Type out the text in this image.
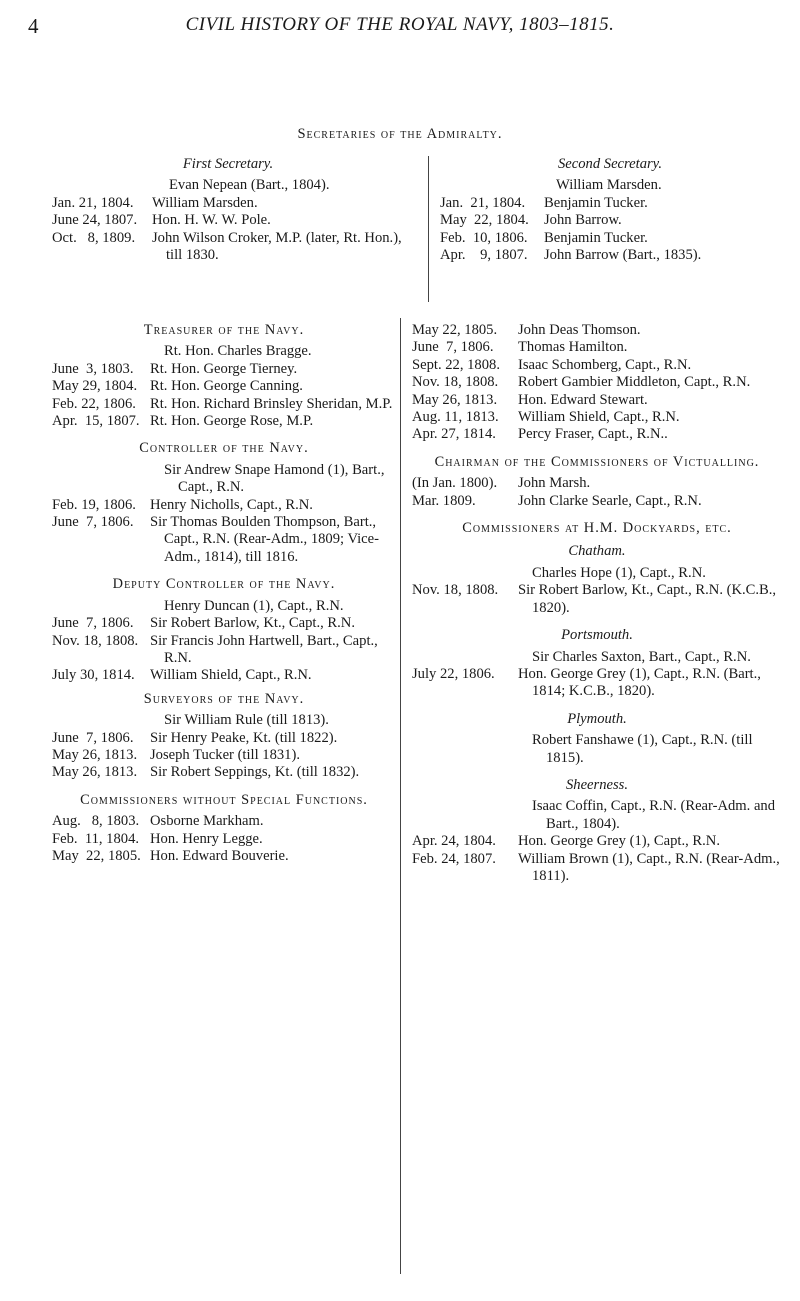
4	CIVIL HISTORY OF THE ROYAL NAVY, 1803–1815.
Secretaries of the Admiralty.
First Secretary.
Evan Nepean (Bart., 1804).
Jan. 21, 1804.	William Marsden.
June 24, 1807.	Hon. H. W. W. Pole.
Oct.   8, 1809.	John Wilson Croker, M.P. (later, Rt. Hon.), till 1830.
Second Secretary.
William Marsden.
Jan.  21, 1804.	Benjamin Tucker.
May  22, 1804.	John Barrow.
Feb.  10, 1806.	Benjamin Tucker.
Apr.    9, 1807.	John Barrow (Bart., 1835).
Treasurer of the Navy.
Rt. Hon. Charles Bragge.
June  3, 1803.	Rt. Hon. George Tierney.
May 29, 1804. Rt. Hon. George Canning.
Feb. 22, 1806. Rt. Hon. Richard Brinsley Sheridan, M.P.
Apr.  15, 1807. Rt. Hon. George Rose, M.P.
Controller of the Navy.
Sir Andrew Snape Hamond (1), Bart., Capt., R.N.
Feb. 19, 1806. Henry Nicholls, Capt., R.N.
June  7, 1806.	Sir Thomas Boulden Thompson, Bart., Capt., R.N. (Rear-Adm., 1809; Vice-Adm., 1814), till 1816.
Deputy Controller of the Navy.
Henry Duncan (1), Capt., R.N.
June  7, 1806.	Sir Robert Barlow, Kt., Capt., R.N.
Nov. 18, 1808. Sir Francis John Hartwell, Bart., Capt., R.N.
July 30, 1814.	William Shield, Capt., R.N.
Surveyors of the Navy.
Sir William Rule (till 1813).
June  7, 1806.	Sir Henry Peake, Kt. (till 1822).
May 26, 1813. Joseph Tucker (till 1831).
May 26, 1813. Sir Robert Seppings, Kt. (till 1832).
Commissioners without Special Functions.
Aug.   8, 1803. Osborne Markham.
Feb.  11, 1804. Hon. Henry Legge.
May  22, 1805. Hon. Edward Bouverie.
May 22, 1805.	John Deas Thomson.
June  7, 1806.	Thomas Hamilton.
Sept. 22, 1808.	Isaac Schomberg, Capt., R.N.
Nov. 18, 1808.	Robert Gambier Middleton, Capt., R.N.
May 26, 1813.	Hon. Edward Stewart.
Aug. 11, 1813.	William Shield, Capt., R.N.
Apr. 27, 1814.	Percy Fraser, Capt., R.N..
Chairman of the Commissioners of Victualling.
(In Jan. 1800).	John Marsh.
Mar. 1809.	John Clarke Searle, Capt., R.N.
Commissioners at H.M. Dockyards, etc.
Chatham.
Charles Hope (1), Capt., R.N.
Nov. 18, 1808.	Sir Robert Barlow, Kt., Capt., R.N. (K.C.B., 1820).
Portsmouth.
Sir Charles Saxton, Bart., Capt., R.N.
July 22, 1806.	Hon. George Grey (1), Capt., R.N. (Bart., 1814; K.C.B., 1820).
Plymouth.
Robert Fanshawe (1), Capt., R.N. (till 1815).
Sheerness.
Isaac Coffin, Capt., R.N. (Rear-Adm. and Bart., 1804).
Apr. 24, 1804.	Hon. George Grey (1), Capt., R.N.
Feb. 24, 1807.	William Brown (1), Capt., R.N. (Rear-Adm., 1811).
